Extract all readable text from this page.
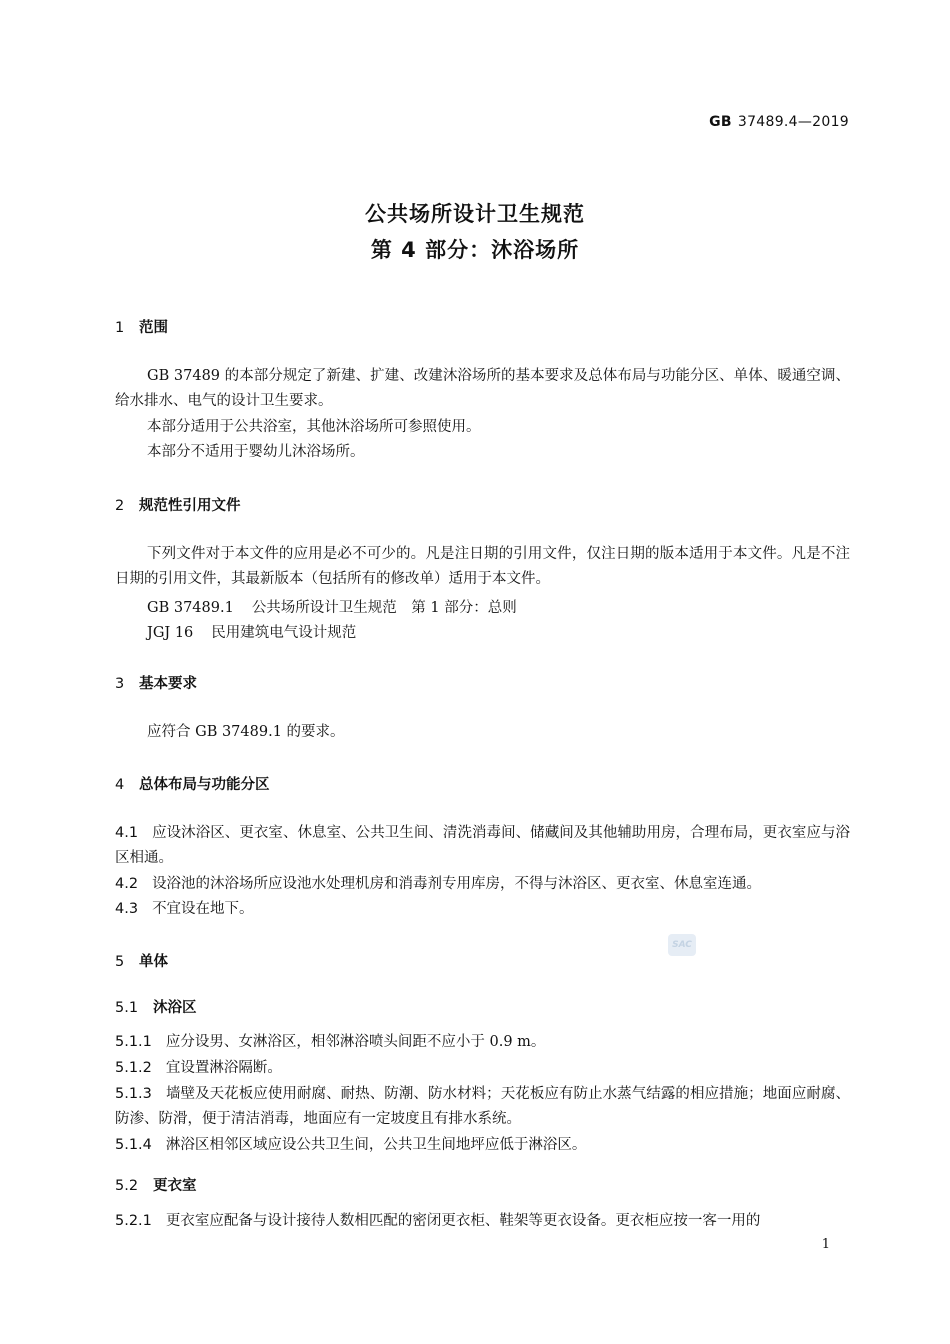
GB 37489.4—2019
公共场所设计卫生规范
第 4 部分：沐浴场所
1 范围
GB 37489 的本部分规定了新建、扩建、改建沐浴场所的基本要求及总体布局与功能分区、单体、暖通空调、给水排水、电气的设计卫生要求。
本部分适用于公共浴室，其他沐浴场所可参照使用。
本部分不适用于婴幼儿沐浴场所。
2 规范性引用文件
下列文件对于本文件的应用是必不可少的。凡是注日期的引用文件，仅注日期的版本适用于本文件。凡是不注日期的引用文件，其最新版本（包括所有的修改单）适用于本文件。
GB 37489.1 公共场所设计卫生规范　第 1 部分：总则
JGJ 16 民用建筑电气设计规范
3 基本要求
应符合 GB 37489.1 的要求。
4 总体布局与功能分区
4.1 应设沐浴区、更衣室、休息室、公共卫生间、清洗消毒间、储藏间及其他辅助用房，合理布局，更衣室应与浴区相通。
4.2 设浴池的沐浴场所应设池水处理机房和消毒剂专用库房，不得与沐浴区、更衣室、休息室连通。
4.3 不宜设在地下。
5 单体
5.1 沐浴区
5.1.1 应分设男、女淋浴区，相邻淋浴喷头间距不应小于 0.9 m。
5.1.2 宜设置淋浴隔断。
5.1.3 墙壁及天花板应使用耐腐、耐热、防潮、防水材料；天花板应有防止水蒸气结露的相应措施；地面应耐腐、防渗、防滑，便于清洁消毒，地面应有一定坡度且有排水系统。
5.1.4 淋浴区相邻区域应设公共卫生间，公共卫生间地坪应低于淋浴区。
5.2 更衣室
5.2.1 更衣室应配备与设计接待人数相匹配的密闭更衣柜、鞋架等更衣设备。更衣柜应按一客一用的
SAC
1
